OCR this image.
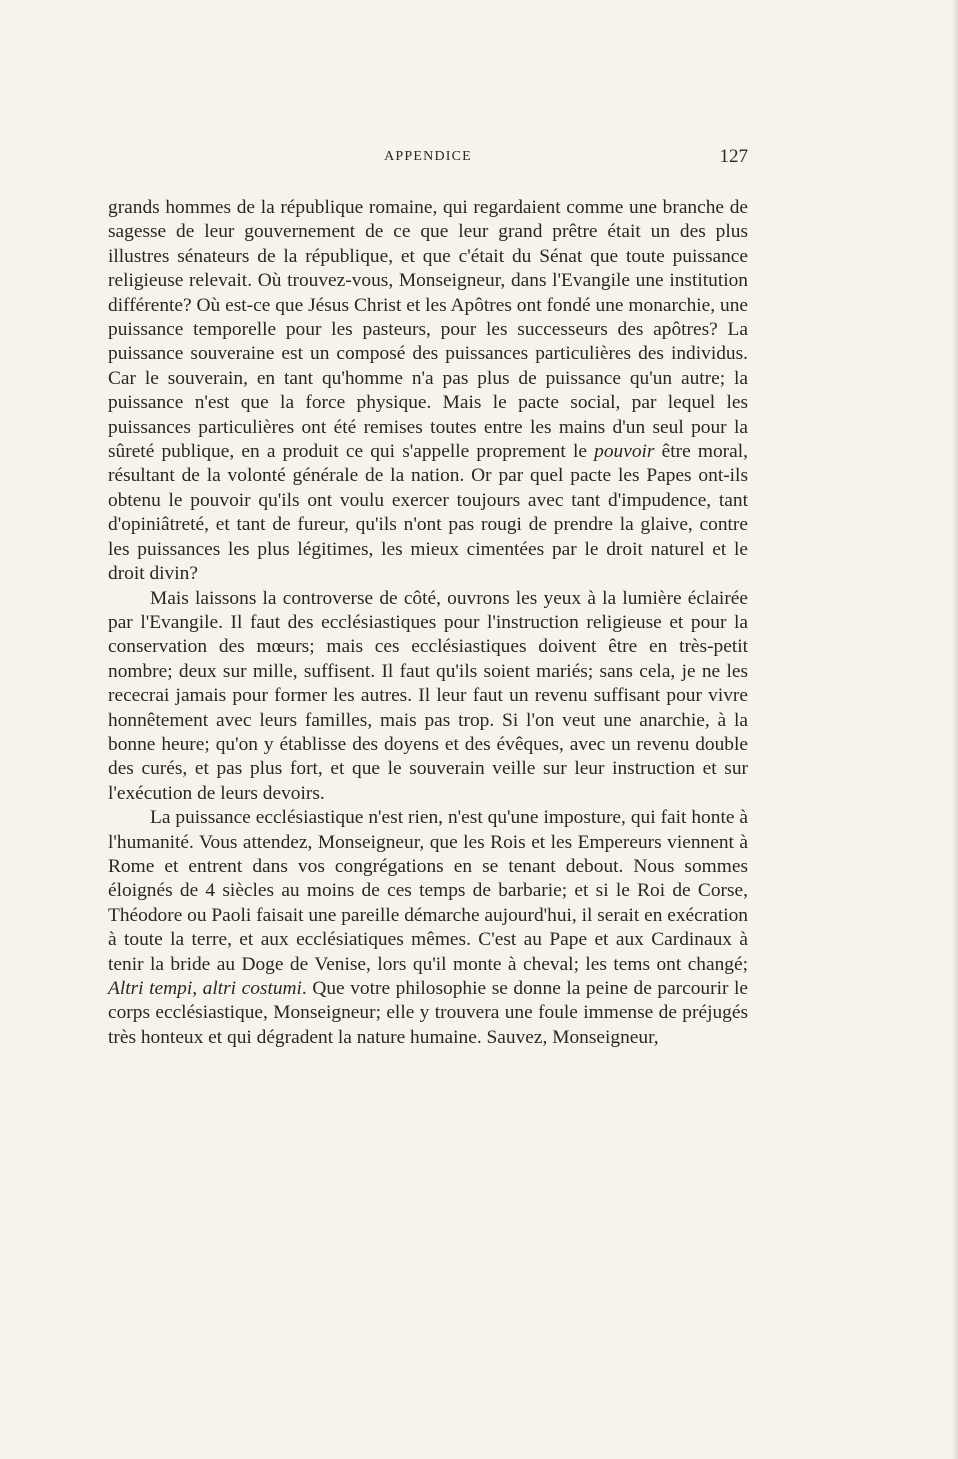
APPENDICE	127

grands hommes de la république romaine, qui regardaient comme une branche de sagesse de leur gouvernement de ce que leur grand prêtre était un des plus illustres sénateurs de la république, et que c'était du Sénat que toute puissance religieuse relevait. Où trouvez-vous, Monseigneur, dans l'Evangile une institution différente? Où est-ce que Jésus Christ et les Apôtres ont fondé une monarchie, une puissance temporelle pour les pasteurs, pour les successeurs des apôtres? La puissance souveraine est un composé des puissances particulières des individus. Car le souverain, en tant qu'homme n'a pas plus de puissance qu'un autre; la puissance n'est que la force physique. Mais le pacte social, par lequel les puissances particulières ont été remises toutes entre les mains d'un seul pour la sûreté publique, en a produit ce qui s'appelle proprement le pouvoir être moral, résultant de la volonté générale de la nation. Or par quel pacte les Papes ont-ils obtenu le pouvoir qu'ils ont voulu exercer toujours avec tant d'impudence, tant d'opiniâtreté, et tant de fureur, qu'ils n'ont pas rougi de prendre la glaive, contre les puissances les plus légitimes, les mieux cimentées par le droit naturel et le droit divin?

Mais laissons la controverse de côté, ouvrons les yeux à la lumière éclairée par l'Evangile. Il faut des ecclésiastiques pour l'instruction religieuse et pour la conservation des mœurs; mais ces ecclésiastiques doivent être en très-petit nombre; deux sur mille, suffisent. Il faut qu'ils soient mariés; sans cela, je ne les rececrai jamais pour former les autres. Il leur faut un revenu suffisant pour vivre honnêtement avec leurs familles, mais pas trop. Si l'on veut une anarchie, à la bonne heure; qu'on y établisse des doyens et des évêques, avec un revenu double des curés, et pas plus fort, et que le souverain veille sur leur instruction et sur l'exécution de leurs devoirs.

La puissance ecclésiastique n'est rien, n'est qu'une imposture, qui fait honte à l'humanité. Vous attendez, Monseigneur, que les Rois et les Empereurs viennent à Rome et entrent dans vos congrégations en se tenant debout. Nous sommes éloignés de 4 siècles au moins de ces temps de barbarie; et si le Roi de Corse, Théodore ou Paoli faisait une pareille démarche aujourd'hui, il serait en exécration à toute la terre, et aux ecclésiatiques mêmes. C'est au Pape et aux Cardinaux à tenir la bride au Doge de Venise, lors qu'il monte à cheval; les tems ont changé; Altri tempi, altri costumi. Que votre philosophie se donne la peine de parcourir le corps ecclésiastique, Monseigneur; elle y trouvera une foule immense de préjugés très honteux et qui dégradent la nature humaine. Sauvez, Monseigneur,
